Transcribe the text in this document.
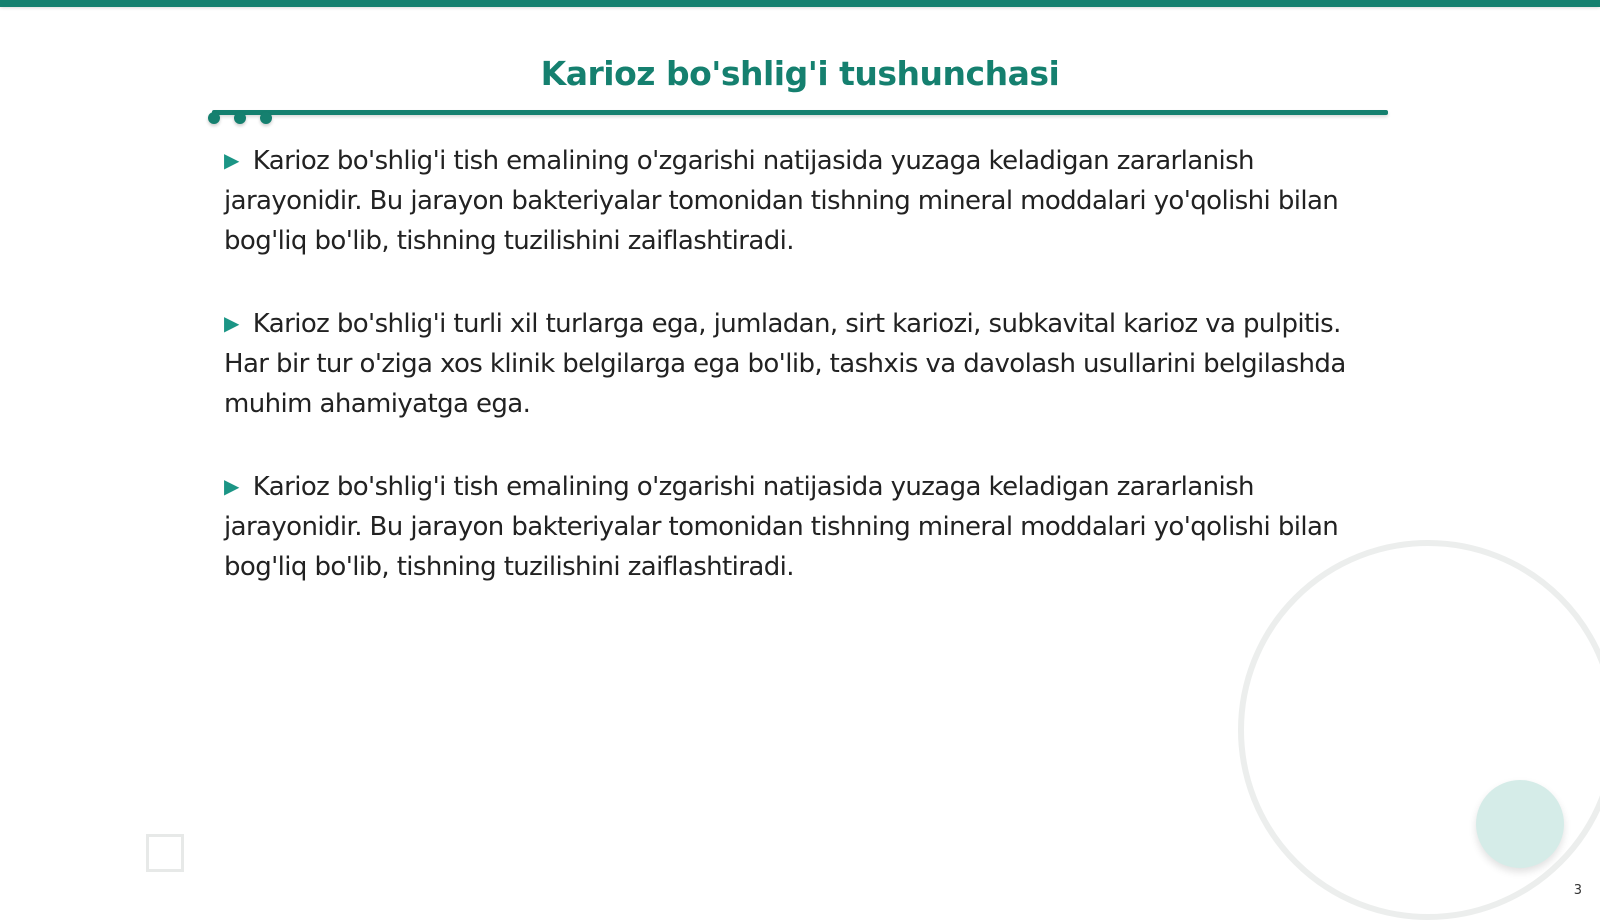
Karioz bo'shlig'i tushunchasi

▶ Karioz bo'shlig'i tish emalining o'zgarishi natijasida yuzaga keladigan zararlanish jarayonidir. Bu jarayon bakteriyalar tomonidan tishning mineral moddalari yo'qolishi bilan bog'liq bo'lib, tishning tuzilishini zaiflashtiradi.

▶ Karioz bo'shlig'i turli xil turlarga ega, jumladan, sirt kariozi, subkavital karioz va pulpitis. Har bir tur o'ziga xos klinik belgilarga ega bo'lib, tashxis va davolash usullarini belgilashda muhim ahamiyatga ega.

▶ Karioz bo'shlig'i tish emalining o'zgarishi natijasida yuzaga keladigan zararlanish jarayonidir. Bu jarayon bakteriyalar tomonidan tishning mineral moddalari yo'qolishi bilan bog'liq bo'lib, tishning tuzilishini zaiflashtiradi.

3
